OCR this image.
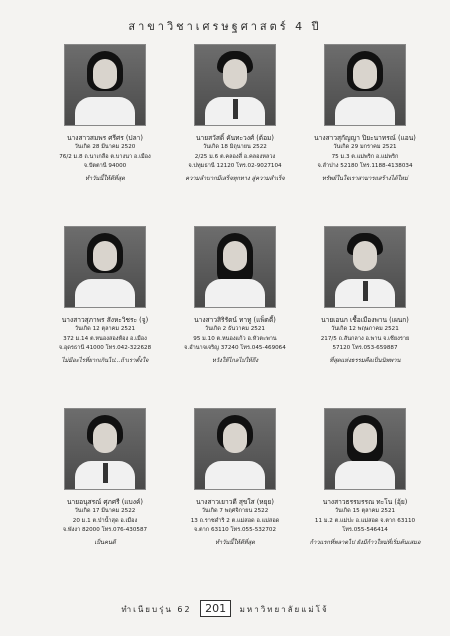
สาขาวิชาเศรษฐศาสตร์ 4 ปี
นางสาวสมพร ศรีศร (ปลา)
วันเกิด 28 มีนาคม 2520
76/2 ม.8 ถ.นาเกลือ ต.บางนา อ.เมือง
จ.ปัตตานี 94000
ทำวันนี้ให้ดีที่สุด
นายสวัสดิ์ คันทะวงศ์ (ต้อม)
วันเกิด 18 มิถุนายน 2522
2/25 ม.6 ต.คลองสี่ อ.คลองหลวง
จ.ปทุมธานี 12120 โทร.02-9027104
ความลำบากมีเสร็จทุกทาง สู่ความสำเร็จ
นางสาวสุกัญญา ปิยะนาทรณ์ (แอน)
วันเกิด 29 มกราคม 2521
75 ม.3 ต.แม่พริก อ.แม่พริก
จ.ลำปาง 52180 โทร.1188-4138034
ทรัพย์ในใจเราสามารถสร้างได้ใหม่
นางสาวสุภาพร สังหะวิชระ (จู)
วันเกิด 12 ตุลาคม 2521
372 ม.14 ต.หนองสองห้อง อ.เมือง
จ.อุดรธานี 41000 โทร.042-322628
ไม่มีอะไรที่ยากเกินไป...ถ้าเราตั้งใจ
นางสาวสิริรัตน์ ทาทู (แพ็ตตี้)
วันเกิด 2 ธันวาคม 2521
95 ม.10 ต.หนองแก้ว อ.หัวตะพาน
จ.อำนาจเจริญ 37240 โทร.045-469064
หวังให้ไกลไปให้ถึง
นายเอนก เชื้อเมืองพาน (เผนก)
วันเกิด 12 พฤษภาคม 2521
217/5 ถ.สันกลาง อ.พาน จ.เชียงราย
57120 โทร.053-659887
ที่สุดแห่งธรรมคือเป็นนิพพาน
นายอนุสรณ์ ศุภศรี (แบงค์)
วันเกิด 17 มีนาคม 2522
20 ม.1 ต.ป่าน้ำสุด อ.เมือง
จ.พังงา 82000 โทร.076-430587
เป็นคนดี
นางสาวเยาวดี สุขใส (หยุย)
วันเกิด 7 พฤศจิกายน 2522
13 ถ.ราชดำริ 2 ต.แม่สอด อ.แม่สอด
จ.ตาก 63110 โทร.055-532702
ทำวันนี้ให้ดีที่สุด
นางสาวธรรมรรณ ทะโน (อุ้ย)
วันเกิด 15 ตุลาคม 2521
11 ม.2 ต.แม่ปะ อ.แม่สอด จ.ตาก 63110
โทร.055-546414
ก้าวแรกที่พลาดไป ยังมีก้าวใหม่ที่เริ่มต้นเสมอ
ทำเนียบรุ่น 62 201 มหาวิทยาลัยแม่โจ้
